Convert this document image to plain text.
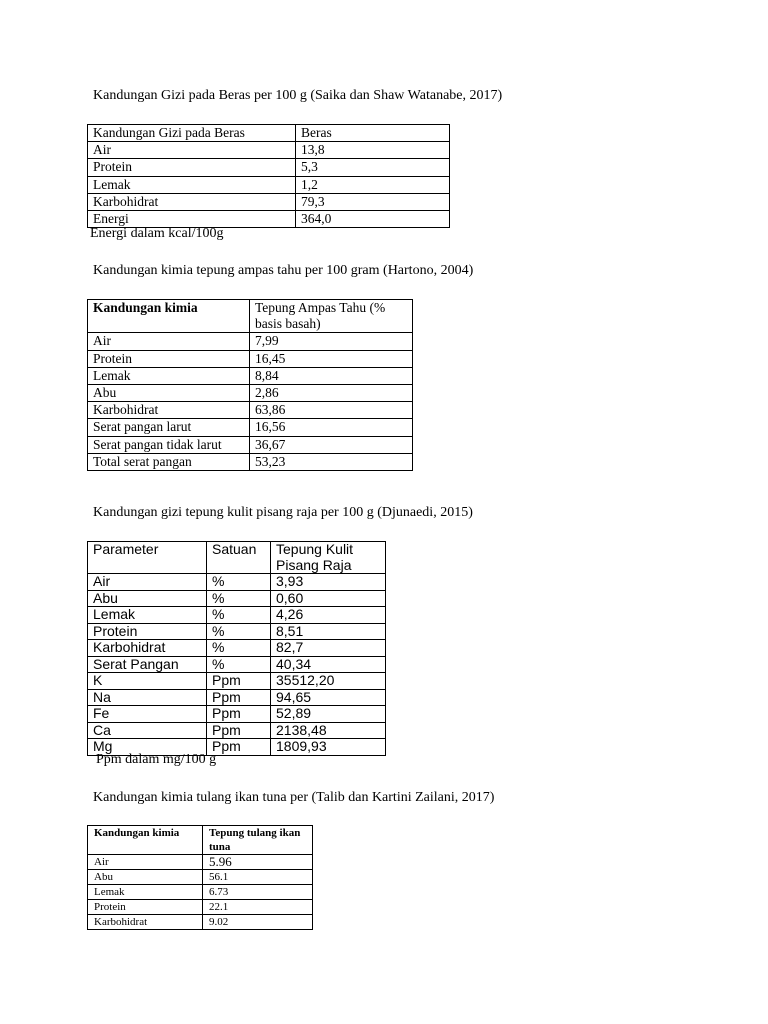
Kandungan Gizi pada Beras per 100 g (Saika dan Shaw Watanabe, 2017)
Kandungan Gizi pada Beras	Beras
Air	13,8
Protein	5,3
Lemak	1,2
Karbohidrat	79,3
Energi	364,0
Energi dalam kcal/100g
Kandungan kimia tepung ampas tahu per 100 gram (Hartono, 2004)
Kandungan kimia	Tepung Ampas Tahu (% basis basah)
Air	7,99
Protein	16,45
Lemak	8,84
Abu	2,86
Karbohidrat	63,86
Serat pangan larut	16,56
Serat pangan tidak larut	36,67
Total serat pangan	53,23
Kandungan gizi tepung kulit pisang raja per 100 g (Djunaedi, 2015)
Parameter	Satuan	Tepung Kulit Pisang Raja
Air	%	3,93
Abu	%	0,60
Lemak	%	4,26
Protein	%	8,51
Karbohidrat	%	82,7
Serat Pangan	%	40,34
K	Ppm	35512,20
Na	Ppm	94,65
Fe	Ppm	52,89
Ca	Ppm	2138,48
Mg	Ppm	1809,93
Ppm dalam mg/100 g
Kandungan kimia tulang ikan tuna per (Talib dan Kartini Zailani, 2017)
Kandungan kimia	Tepung tulang ikan tuna
Air	5.96
Abu	56.1
Lemak	6.73
Protein	22.1
Karbohidrat	9.02
